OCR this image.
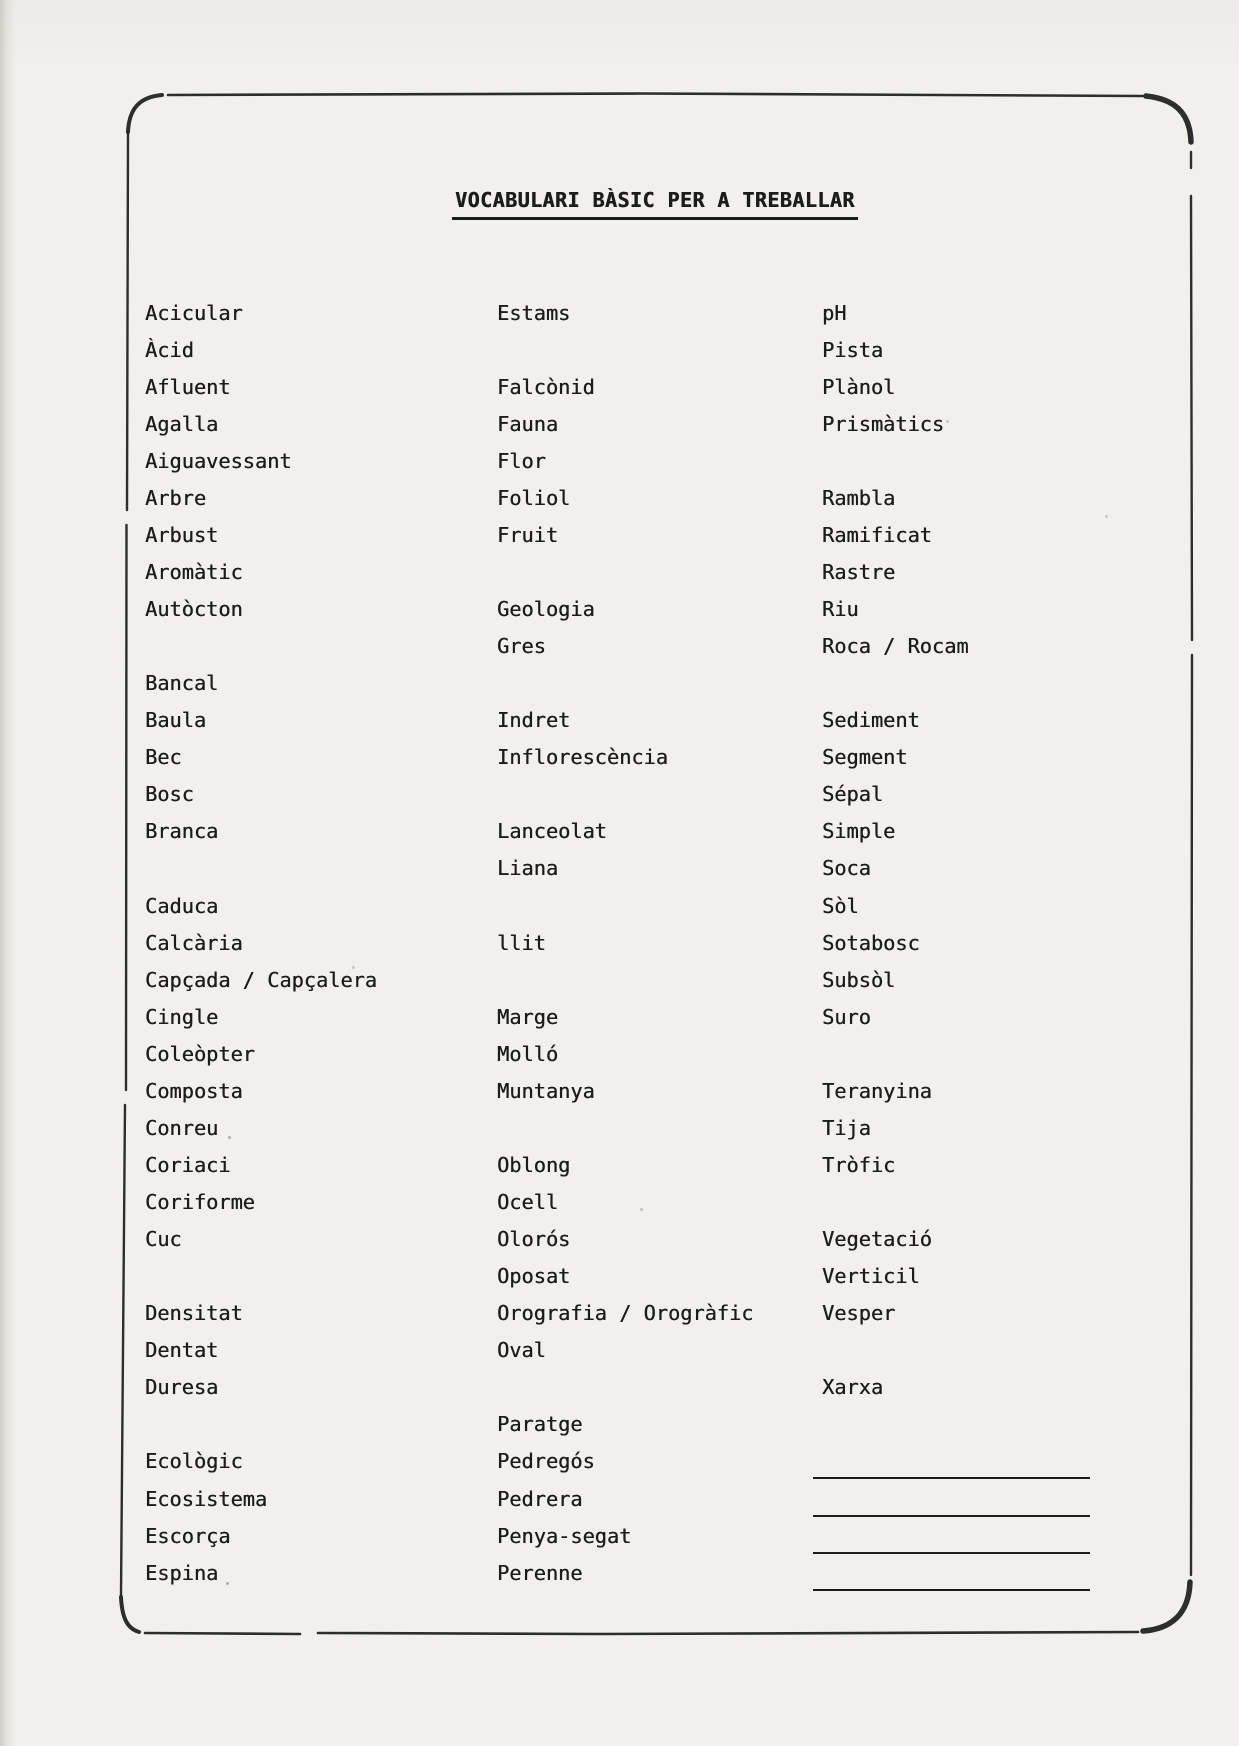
VOCABULARI BÀSIC PER A TREBALLAR
Acicular
Àcid
Afluent
Agalla
Aiguavessant
Arbre
Arbust
Aromàtic
Autòcton
Bancal
Baula
Bec
Bosc
Branca
Caduca
Calcària
Capçada / Capçalera
Cingle
Coleòpter
Composta
Conreu
Coriaci
Coriforme
Cuc
Densitat
Dentat
Duresa
Ecològic
Ecosistema
Escorça
Espina
Estams
Falcònid
Fauna
Flor
Foliol
Fruit
Geologia
Gres
Indret
Inflorescència
Lanceolat
Liana
llit
Marge
Molló
Muntanya
Oblong
Ocell
Olorós
Oposat
Orografia / Orogràfic
Oval
Paratge
Pedregós
Pedrera
Penya-segat
Perenne
pH
Pista
Plànol
Prismàtics
Rambla
Ramificat
Rastre
Riu
Roca / Rocam
Sediment
Segment
Sépal
Simple
Soca
Sòl
Sotabosc
Subsòl
Suro
Teranyina
Tija
Tròfic
Vegetació
Verticil
Vesper
Xarxa
